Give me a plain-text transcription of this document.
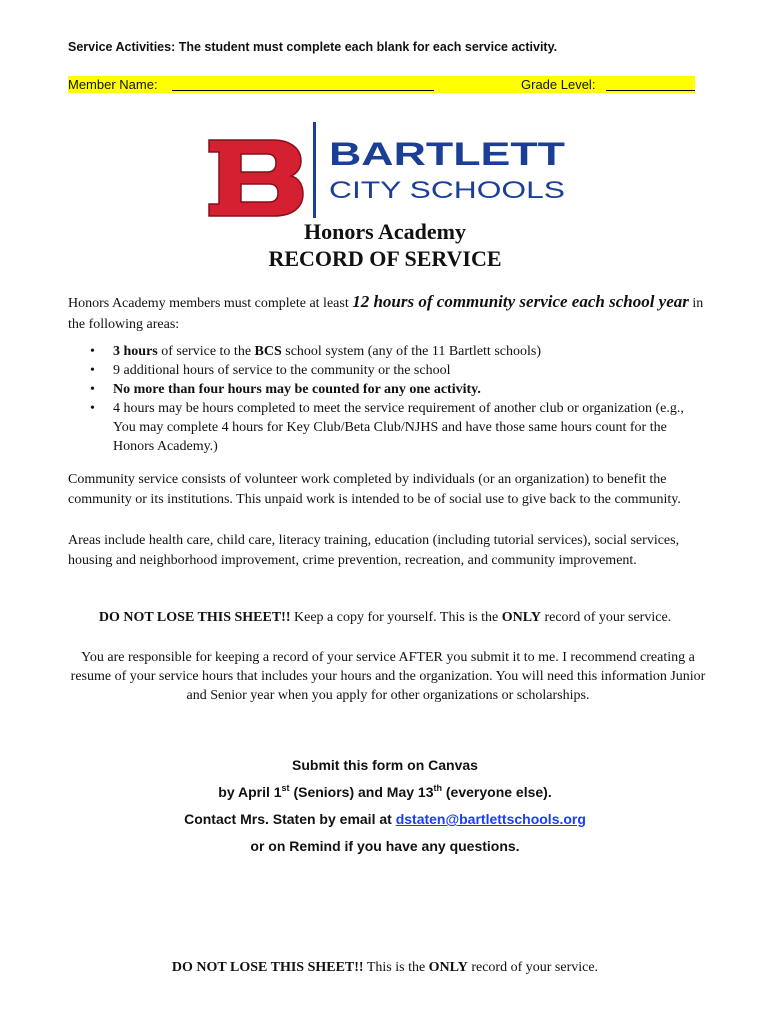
Service Activities: The student must complete each blank for each service activity.
Member Name:	Grade Level:
BARTLETT
CITY SCHOOLS
Honors Academy
RECORD OF SERVICE
Honors Academy members must complete at least 12 hours of community service each school year in the following areas:
• 3 hours of service to the BCS school system (any of the 11 Bartlett schools)
• 9 additional hours of service to the community or the school
• No more than four hours may be counted for any one activity.
• 4 hours may be hours completed to meet the service requirement of another club or organization (e.g., You may complete 4 hours for Key Club/Beta Club/NJHS and have those same hours count for the Honors Academy.)
Community service consists of volunteer work completed by individuals (or an organization) to benefit the community or its institutions. This unpaid work is intended to be of social use to give back to the community.
Areas include health care, child care, literacy training, education (including tutorial services), social services, housing and neighborhood improvement, crime prevention, recreation, and community improvement.
DO NOT LOSE THIS SHEET!! Keep a copy for yourself. This is the ONLY record of your service.
You are responsible for keeping a record of your service AFTER you submit it to me. I recommend creating a resume of your service hours that includes your hours and the organization. You will need this information Junior and Senior year when you apply for other organizations or scholarships.
Submit this form on Canvas
by April 1st (Seniors) and May 13th (everyone else).
Contact Mrs. Staten by email at dstaten@bartlettschools.org
or on Remind if you have any questions.
DO NOT LOSE THIS SHEET!! This is the ONLY record of your service.
